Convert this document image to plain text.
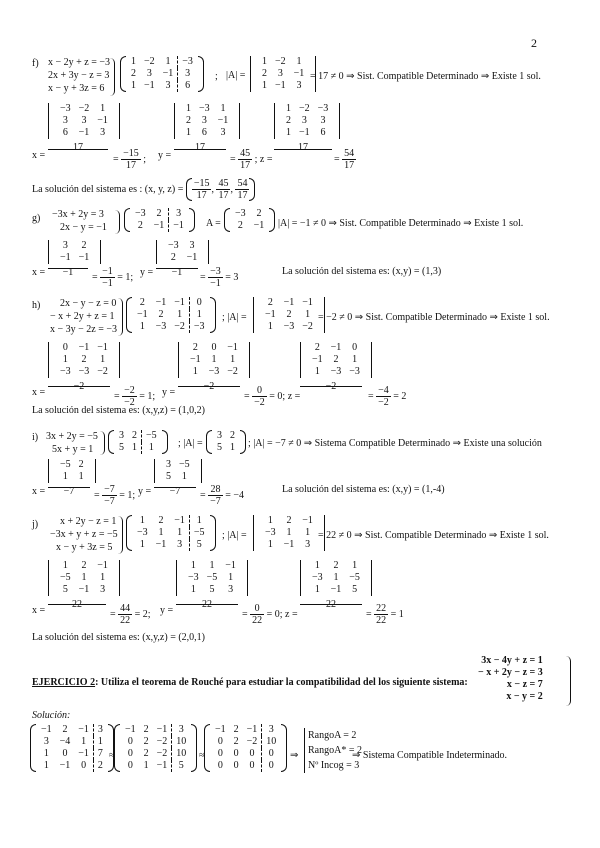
2
f) x − 2y + z = −3
2x + 3y − z = 3
x − y + 3z = 6
1	−2	1	−3
2	3	−1	3
1	−1	3	6
; |A| =
1	−2	1
2	3	−1
1	−1	3
= 17 ≠ 0 ⇒ Sist. Compatible Determinado ⇒ Existe 1 sol.
x =
−3	−2	1
3	3	−1
6	−1	3
17
= $\frac{-15}{17}$ ; y =
1	−3	1
2	3	−1
1	6	3
17
= $\frac{45}{17}$ ; z =
1	−2	−3
2	3	3
1	−1	6
17
= $\frac{54}{17}$
La solución del sistema es : (x, y, $z) = \frac{-15}{17}$ , $\frac{45}{17}$ , $\frac{54}{17}$
g) −3x + 2y = 3
2x − y = −1
−3	2	3
2	−1	−1 A =
−3	2
2	−1 |A| = −1 ≠ 0 ⇒ Sist. Compatible Determinado ⇒ Existe 1 sol.
x =
3	2
−1	−1
−1	= $\frac{-1}{-1} = 1$; y =
−3	3
2	−1
−1	= $\frac{-3}{-1} = 3$
La solución del sistema es: (x,y) = (1,3)
h)	2x − y − z = 0
− x + 2y + z = 1
x − 3y − 2z = −3
2	−1	−1	0
−1	2	1	1
1	−3	−2	−3
; |A| =
2	−1	−1
−1	2	1
1	−3	−2
= −2 ≠ 0 ⇒ Sist. Compatible Determinado ⇒ Existe 1 sol.
x =
0	−1	−1
1	2	1
−3	−3	−2
−2
= $\frac{-2}{-2} = 1$; y =
2	0	−1
−1	1	1
1	−3	−2
−2
= $\frac{0}{-2} = 0$; z =
2	−1	0
−1	2	1
1	−3	−3
−2
= $\frac{-4}{-2} = 2$
La solución del sistema es: (x,y,z) = (1,0,2)
i) 3x + 2y = −5
5x + y = 1
3	2	−5
5	1	1 ; |A| =
3	2
5	1 ; |A| = −7 ≠ 0 ⇒ Sistema Compatible Determinado ⇒ Existe una solución
x =
−5	2
1	1
−7	= $\frac{-7}{-7} = 1$; y =
3	−5
5	1
−7	= $\frac{28}{-7} = -4$
La solución del sistema es: (x,y) = (1,-4)
j)	x + 2y − z = 1
−3x + y + z = −5
x − y + 3z = 5
1	2	−1	1
−3	1	1	−5
1	−1	3	5
; |A| =
1	2	−1
−3	1	1
1	−1	3
= 22 ≠ 0 ⇒ Sist. Compatible Determinado ⇒ Existe 1 sol.
x =
1	2	−1
−5	1	1
5	−1	3
22
= $\frac{44}{22} = 2$; y =
1	1	−1
−3	−5	1
1	5	3
22
= $\frac{0}{22} = 0$; z =
1	2	1
−3	1	−5
1	−1	5
22
= $\frac{22}{22} = 1$
La solución del sistema es: (x,y,z) = (2,0,1)
EJERCICIO 2: Utiliza el teorema de Rouché para estudiar la compatibilidad del los siguiente sistema:
3x − 4y + z = 1
− x + 2y − z = 3
x − z = 7
x − y = 2
Solución:
−1	2	−1	3
3	−4	1	1
1	0	−1	7
1	−1	0	2
≈
−1	2	−1	3
0	2	−2	10
0	2	−2	10
0	1	−1	5
≈
−1	2	−1	3
0	2	−2	10
0	0	0	0
0	0	0	0
⇒
RangoA = 2
RangoA* = 2
Nº Incog = 3
⇒ Sistema Compatible Indeterminado.
